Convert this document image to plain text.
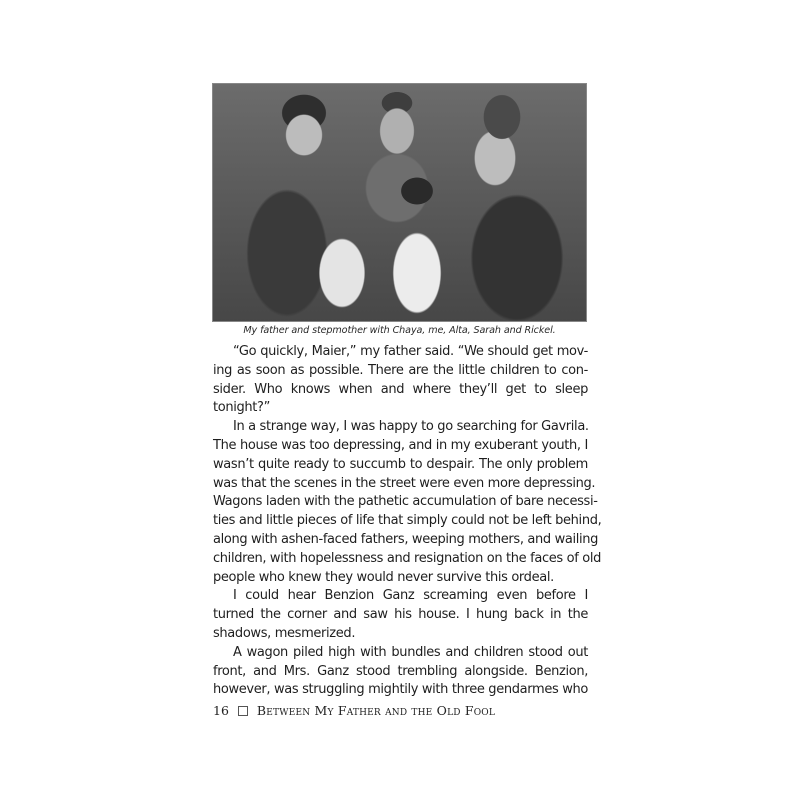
My father and stepmother with Chaya, me, Alta, Sarah and Rickel.

“Go quickly, Maier,” my father said. “We should get mov-
ing as soon as possible. There are the little children to con-
sider. Who knows when and where they’ll get to sleep
tonight?”

In a strange way, I was happy to go searching for Gavrila.
The house was too depressing, and in my exuberant youth, I
wasn’t quite ready to succumb to despair. The only problem
was that the scenes in the street were even more depressing.
Wagons laden with the pathetic accumulation of bare necessi-
ties and little pieces of life that simply could not be left behind,
along with ashen-faced fathers, weeping mothers, and wailing
children, with hopelessness and resignation on the faces of old
people who knew they would never survive this ordeal.

I could hear Benzion Ganz screaming even before I
turned the corner and saw his house. I hung back in the
shadows, mesmerized.

A wagon piled high with bundles and children stood out
front, and Mrs. Ganz stood trembling alongside. Benzion,
however, was struggling mightily with three gendarmes who

16 Between My Father and the Old Fool
